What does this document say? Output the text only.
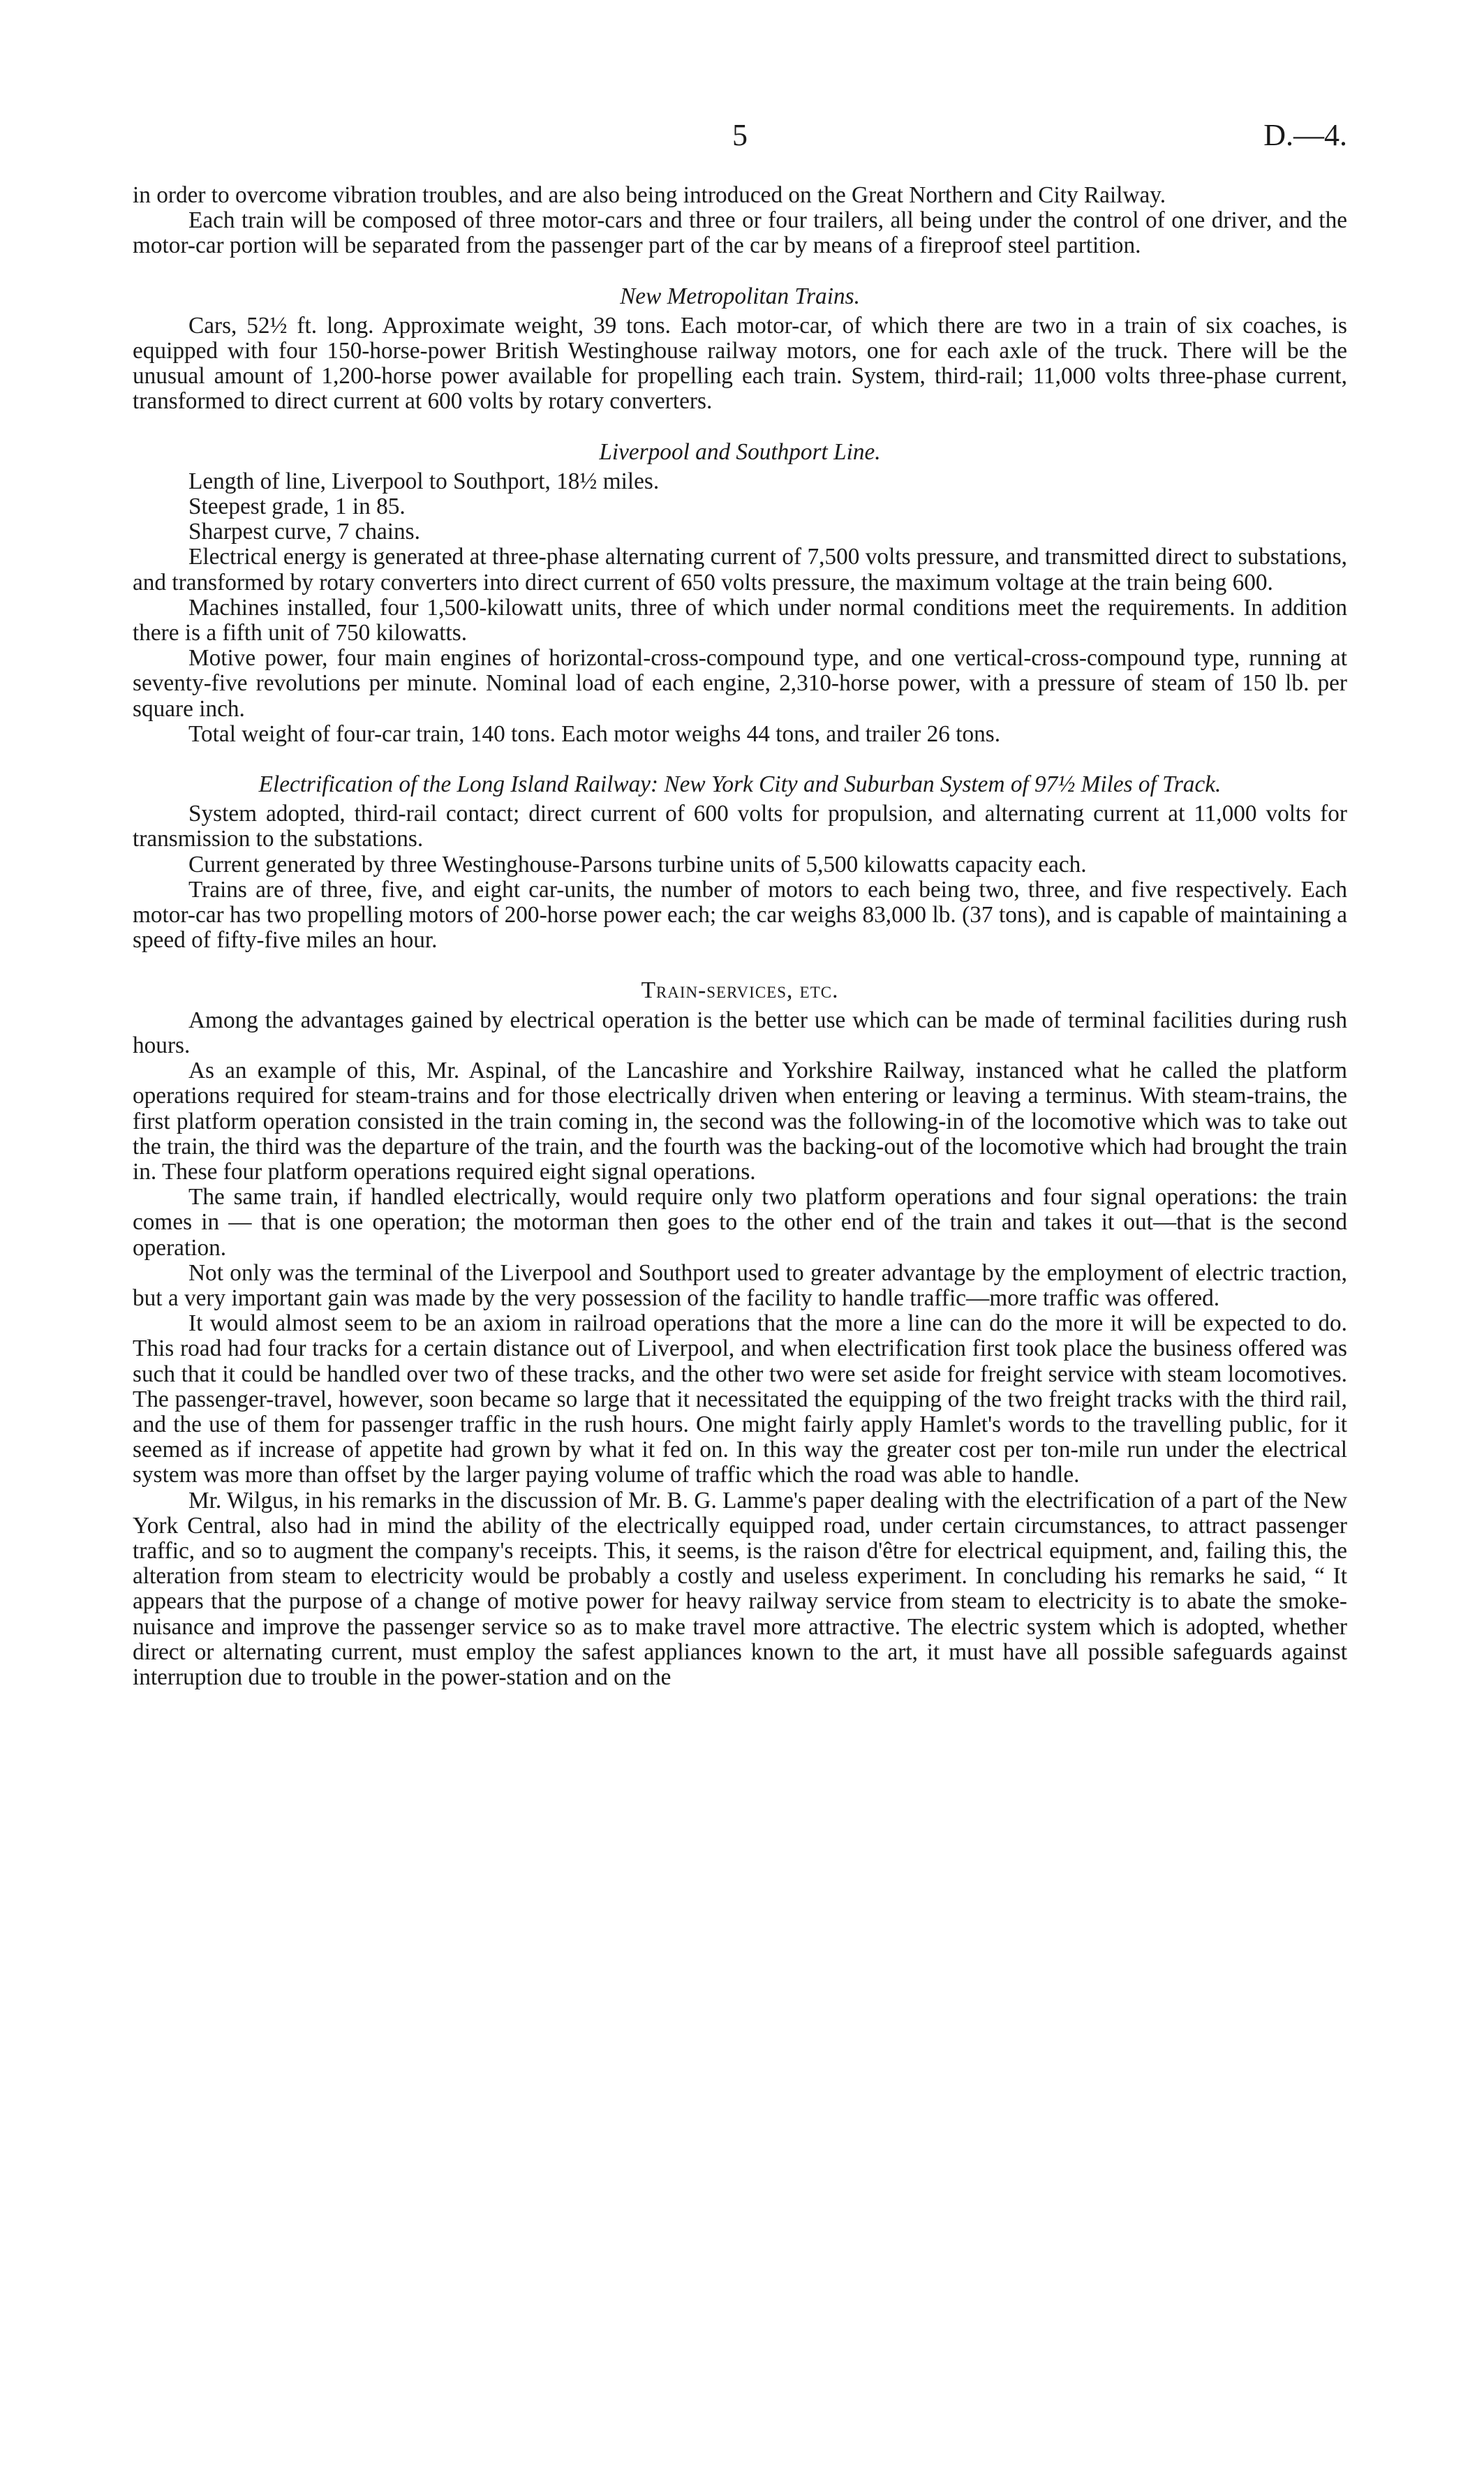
5	D.—4.

in order to overcome vibration troubles, and are also being introduced on the Great Northern and City Railway.

Each train will be composed of three motor-cars and three or four trailers, all being under the control of one driver, and the motor-car portion will be separated from the passenger part of the car by means of a fireproof steel partition.

New Metropolitan Trains.

Cars, 52½ ft. long. Approximate weight, 39 tons. Each motor-car, of which there are two in a train of six coaches, is equipped with four 150-horse-power British Westinghouse railway motors, one for each axle of the truck. There will be the unusual amount of 1,200-horse power available for propelling each train. System, third-rail; 11,000 volts three-phase current, transformed to direct current at 600 volts by rotary converters.

Liverpool and Southport Line.

Length of line, Liverpool to Southport, 18½ miles.

Steepest grade, 1 in 85.

Sharpest curve, 7 chains.

Electrical energy is generated at three-phase alternating current of 7,500 volts pressure, and transmitted direct to substations, and transformed by rotary converters into direct current of 650 volts pressure, the maximum voltage at the train being 600.

Machines installed, four 1,500-kilowatt units, three of which under normal conditions meet the requirements. In addition there is a fifth unit of 750 kilowatts.

Motive power, four main engines of horizontal-cross-compound type, and one vertical-cross-compound type, running at seventy-five revolutions per minute. Nominal load of each engine, 2,310-horse power, with a pressure of steam of 150 lb. per square inch.

Total weight of four-car train, 140 tons. Each motor weighs 44 tons, and trailer 26 tons.

Electrification of the Long Island Railway: New York City and Suburban System of 97½ Miles of Track.

System adopted, third-rail contact; direct current of 600 volts for propulsion, and alternating current at 11,000 volts for transmission to the substations.

Current generated by three Westinghouse-Parsons turbine units of 5,500 kilowatts capacity each.

Trains are of three, five, and eight car-units, the number of motors to each being two, three, and five respectively. Each motor-car has two propelling motors of 200-horse power each; the car weighs 83,000 lb. (37 tons), and is capable of maintaining a speed of fifty-five miles an hour.

Train-services, etc.

Among the advantages gained by electrical operation is the better use which can be made of terminal facilities during rush hours.

As an example of this, Mr. Aspinal, of the Lancashire and Yorkshire Railway, instanced what he called the platform operations required for steam-trains and for those electrically driven when entering or leaving a terminus. With steam-trains, the first platform operation consisted in the train coming in, the second was the following-in of the locomotive which was to take out the train, the third was the departure of the train, and the fourth was the backing-out of the locomotive which had brought the train in. These four platform operations required eight signal operations.

The same train, if handled electrically, would require only two platform operations and four signal operations: the train comes in — that is one operation; the motorman then goes to the other end of the train and takes it out—that is the second operation.

Not only was the terminal of the Liverpool and Southport used to greater advantage by the employment of electric traction, but a very important gain was made by the very possession of the facility to handle traffic—more traffic was offered.

It would almost seem to be an axiom in railroad operations that the more a line can do the more it will be expected to do. This road had four tracks for a certain distance out of Liverpool, and when electrification first took place the business offered was such that it could be handled over two of these tracks, and the other two were set aside for freight service with steam locomotives. The passenger-travel, however, soon became so large that it necessitated the equipping of the two freight tracks with the third rail, and the use of them for passenger traffic in the rush hours. One might fairly apply Hamlet's words to the travelling public, for it seemed as if increase of appetite had grown by what it fed on. In this way the greater cost per ton-mile run under the electrical system was more than offset by the larger paying volume of traffic which the road was able to handle.

Mr. Wilgus, in his remarks in the discussion of Mr. B. G. Lamme's paper dealing with the electrification of a part of the New York Central, also had in mind the ability of the electrically equipped road, under certain circumstances, to attract passenger traffic, and so to augment the company's receipts. This, it seems, is the raison d'être for electrical equipment, and, failing this, the alteration from steam to electricity would be probably a costly and useless experiment. In concluding his remarks he said, “ It appears that the purpose of a change of motive power for heavy railway service from steam to electricity is to abate the smoke-nuisance and improve the passenger service so as to make travel more attractive. The electric system which is adopted, whether direct or alternating current, must employ the safest appliances known to the art, it must have all possible safeguards against interruption due to trouble in the power-station and on the
